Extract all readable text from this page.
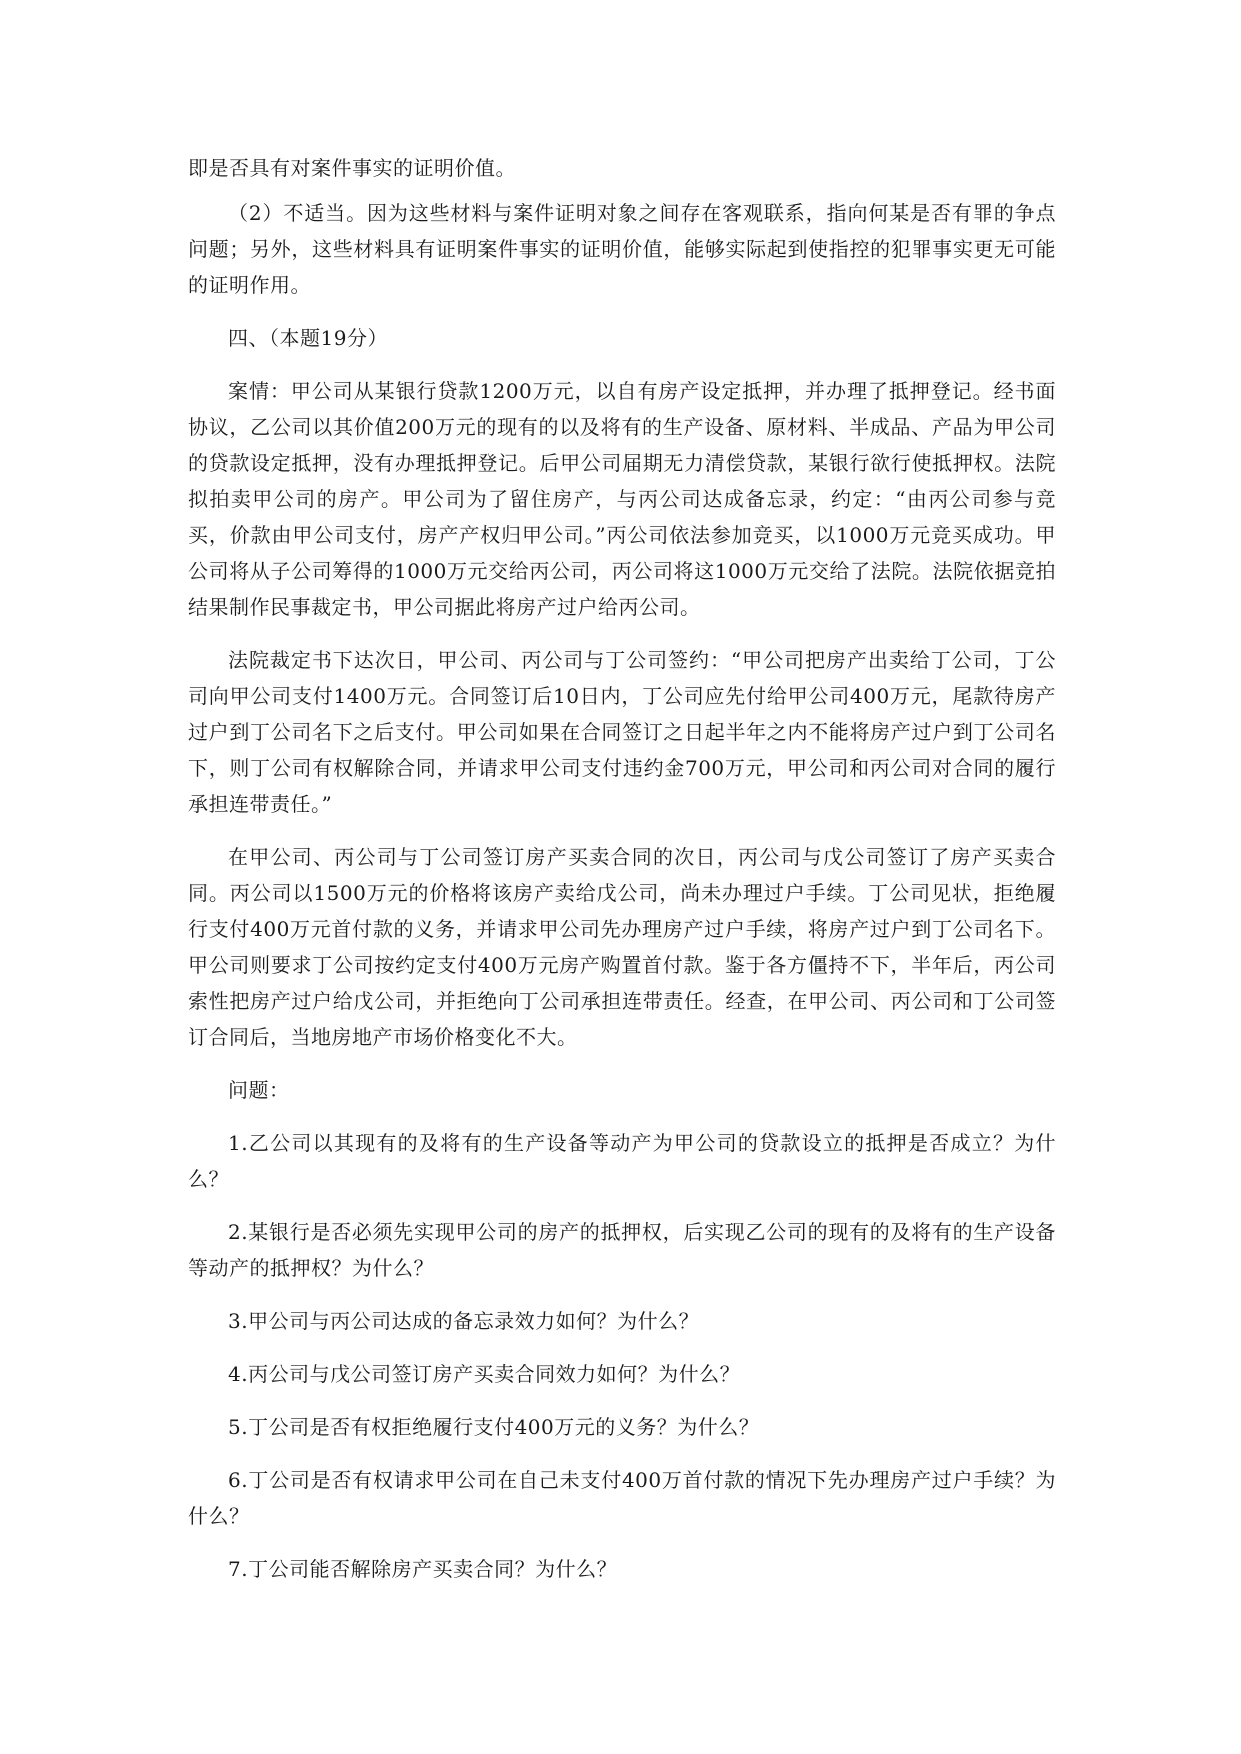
即是否具有对案件事实的证明价值。

（2）不适当。因为这些材料与案件证明对象之间存在客观联系，指向何某是否有罪的争点问题；另外，这些材料具有证明案件事实的证明价值，能够实际起到使指控的犯罪事实更无可能的证明作用。

四、（本题19分）

案情：甲公司从某银行贷款1200万元，以自有房产设定抵押，并办理了抵押登记。经书面协议，乙公司以其价值200万元的现有的以及将有的生产设备、原材料、半成品、产品为甲公司的贷款设定抵押，没有办理抵押登记。后甲公司届期无力清偿贷款，某银行欲行使抵押权。法院拟拍卖甲公司的房产。甲公司为了留住房产，与丙公司达成备忘录，约定：“由丙公司参与竞买，价款由甲公司支付，房产产权归甲公司。”丙公司依法参加竞买，以1000万元竞买成功。甲公司将从子公司筹得的1000万元交给丙公司，丙公司将这1000万元交给了法院。法院依据竞拍结果制作民事裁定书，甲公司据此将房产过户给丙公司。

法院裁定书下达次日，甲公司、丙公司与丁公司签约：“甲公司把房产出卖给丁公司，丁公司向甲公司支付1400万元。合同签订后10日内，丁公司应先付给甲公司400万元，尾款待房产过户到丁公司名下之后支付。甲公司如果在合同签订之日起半年之内不能将房产过户到丁公司名下，则丁公司有权解除合同，并请求甲公司支付违约金700万元，甲公司和丙公司对合同的履行承担连带责任。”

在甲公司、丙公司与丁公司签订房产买卖合同的次日，丙公司与戊公司签订了房产买卖合同。丙公司以1500万元的价格将该房产卖给戊公司，尚未办理过户手续。丁公司见状，拒绝履行支付400万元首付款的义务，并请求甲公司先办理房产过户手续，将房产过户到丁公司名下。甲公司则要求丁公司按约定支付400万元房产购置首付款。鉴于各方僵持不下，半年后，丙公司索性把房产过户给戊公司，并拒绝向丁公司承担连带责任。经查，在甲公司、丙公司和丁公司签订合同后，当地房地产市场价格变化不大。

问题：

1.乙公司以其现有的及将有的生产设备等动产为甲公司的贷款设立的抵押是否成立？为什么？

2.某银行是否必须先实现甲公司的房产的抵押权，后实现乙公司的现有的及将有的生产设备等动产的抵押权？为什么？

3.甲公司与丙公司达成的备忘录效力如何？为什么？

4.丙公司与戊公司签订房产买卖合同效力如何？为什么？

5.丁公司是否有权拒绝履行支付400万元的义务？为什么？

6.丁公司是否有权请求甲公司在自己未支付400万首付款的情况下先办理房产过户手续？为什么？

7.丁公司能否解除房产买卖合同？为什么？
